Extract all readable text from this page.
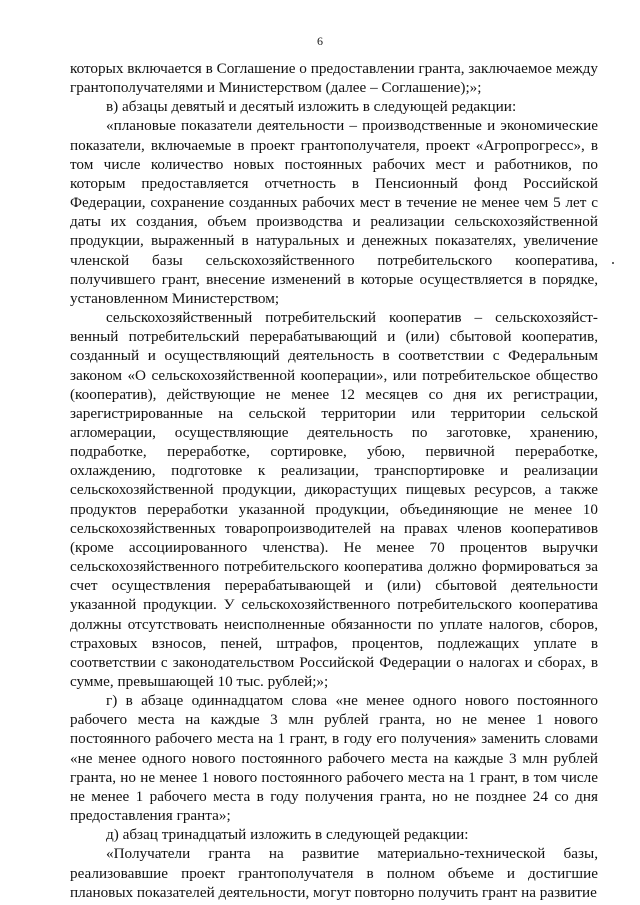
6

которых включается в Соглашение о предоставлении гранта, заключаемое между грантополучателями и Министерством (далее – Соглашение);»;

в) абзацы девятый и десятый изложить в следующей редакции:

«плановые показатели деятельности – производственные и экономические показатели, включаемые в проект грантополучателя, проект «Агропрогресс», в том числе количество новых постоянных рабочих мест и работников, по которым предоставляется отчетность в Пенсионный фонд Российской Федерации, сохранение созданных рабочих мест в течение не менее чем 5 лет с даты их создания, объем производства и реализации сельскохозяйственной продукции, выраженный в натуральных и денежных показателях, увеличение членской базы сельскохозяйственного потребительского кооператива, получившего грант, внесение изменений в которые осуществляется в порядке, установленном Министерством;

сельскохозяйственный потребительский кооператив – сельскохозяйст-венный потребительский перерабатывающий и (или) сбытовой кооператив, созданный и осуществляющий деятельность в соответствии с Федеральным законом «О сельскохозяйственной кооперации», или потребительское общество (кооператив), действующие не менее 12 месяцев со дня их регистрации, зарегистрированные на сельской территории или территории сельской агломерации, осуществляющие деятельность по заготовке, хранению, подработке, переработке, сортировке, убою, первичной переработке, охлаждению, подготовке к реализации, транспортировке и реализации сельскохозяйственной продукции, дикорастущих пищевых ресурсов, а также продуктов переработки указанной продукции, объединяющие не менее 10 сельскохозяйственных товаропроизводителей на правах членов кооперативов (кроме ассоциированного членства). Не менее 70 процентов выручки сельскохозяйственного потребительского кооператива должно формироваться за счет осуществления перерабатывающей и (или) сбытовой деятельности указанной продукции. У сельскохозяйственного потребительского кооператива должны отсутствовать неисполненные обязанности по уплате налогов, сборов, страховых взносов, пеней, штрафов, процентов, подлежащих уплате в соответствии с законодательством Российской Федерации о налогах и сборах, в сумме, превышающей 10 тыс. рублей;»;

г) в абзаце одиннадцатом слова «не менее одного нового постоянного рабочего места на каждые 3 млн рублей гранта, но не менее 1 нового постоянного рабочего места на 1 грант, в году его получения» заменить словами «не менее одного нового постоянного рабочего места на каждые 3 млн рублей гранта, но не менее 1 нового постоянного рабочего места на 1 грант, в том числе не менее 1 рабочего места в году получения гранта, но не позднее 24 со дня предоставления гранта»;

д) абзац тринадцатый изложить в следующей редакции:

«Получатели гранта на развитие материально-технической базы, реализовавшие проект грантополучателя в полном объеме и достигшие плановых показателей деятельности, могут повторно получить грант на развитие
